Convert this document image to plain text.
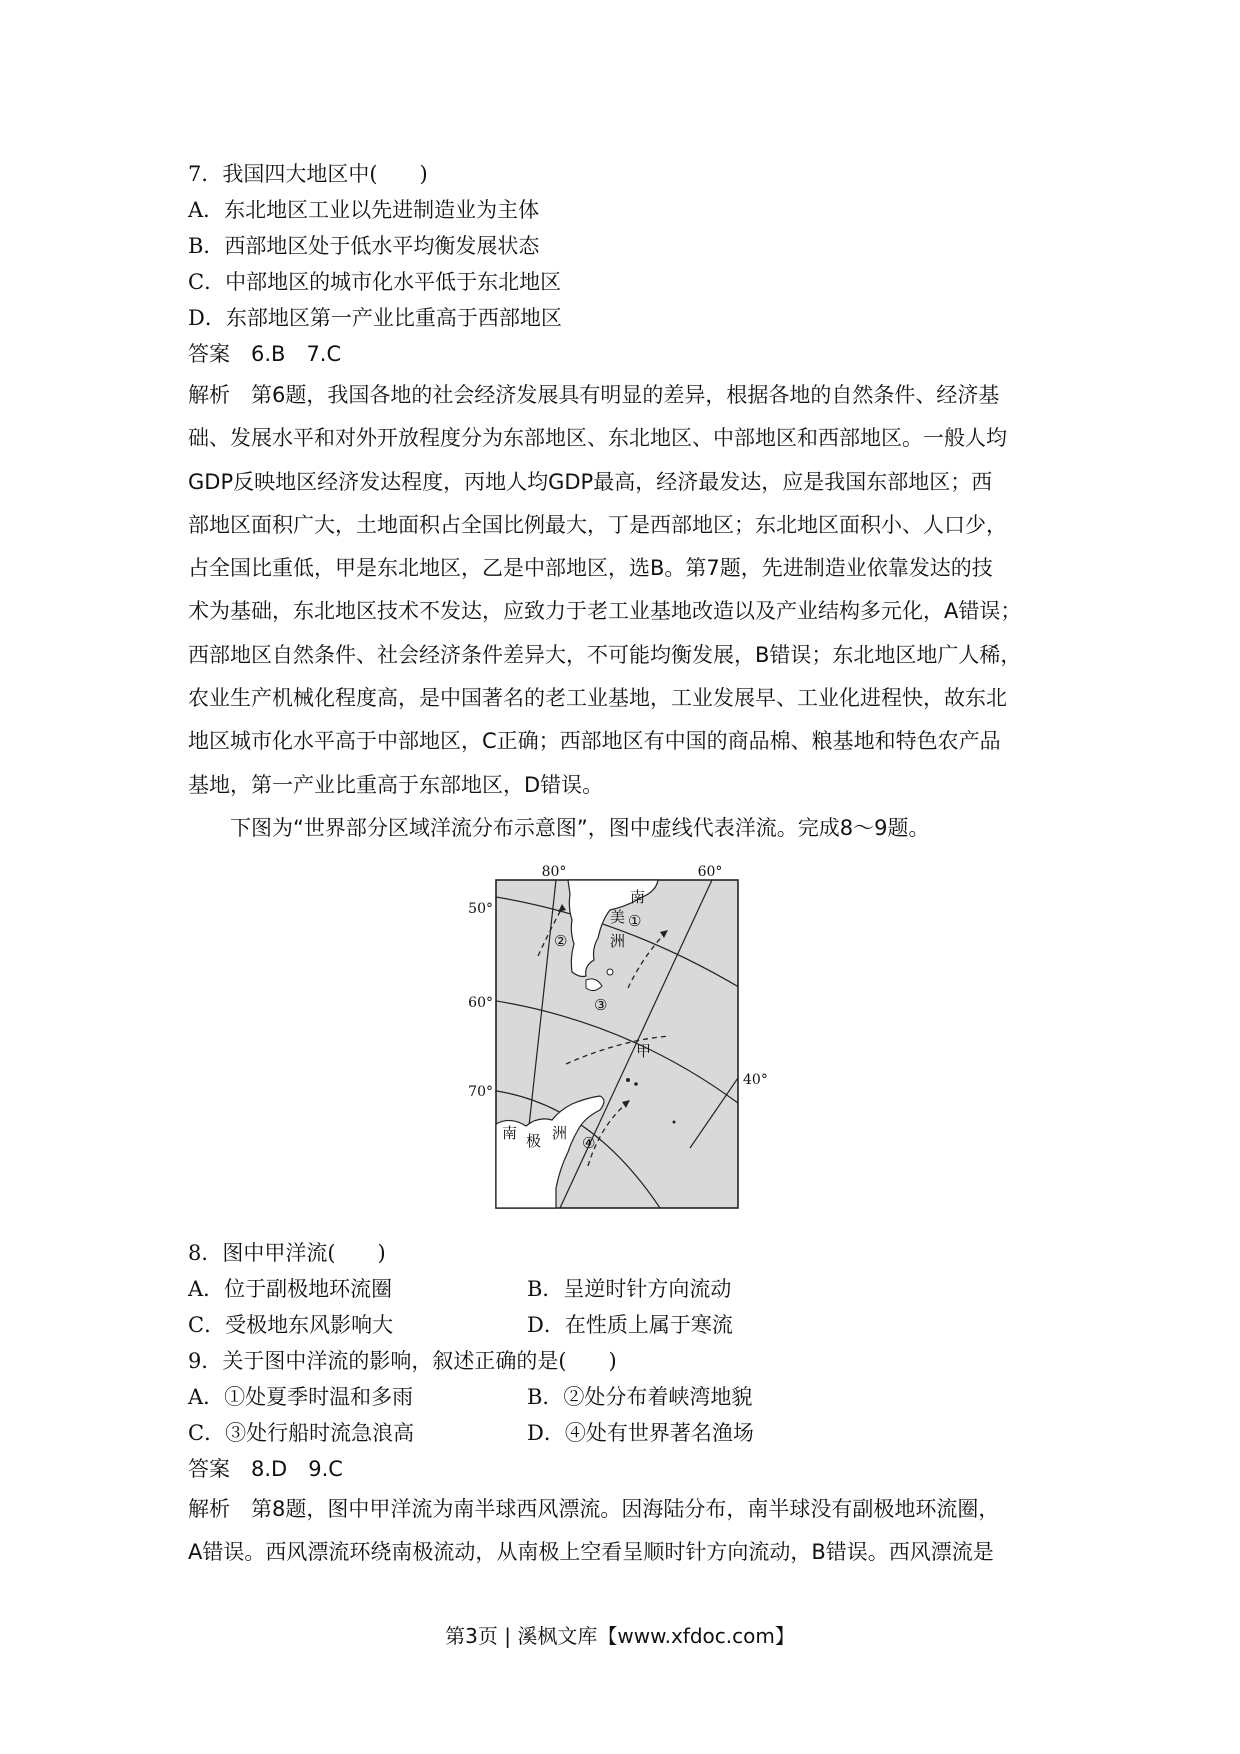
7．我国四大地区中(　　)
A．东北地区工业以先进制造业为主体
B．西部地区处于低水平均衡发展状态
C．中部地区的城市化水平低于东北地区
D．东部地区第一产业比重高于西部地区
答案　6.B　7.C
解析　第6题，我国各地的社会经济发展具有明显的差异，根据各地的自然条件、经济基
础、发展水平和对外开放程度分为东部地区、东北地区、中部地区和西部地区。一般人均
GDP反映地区经济发达程度，丙地人均GDP最高，经济最发达，应是我国东部地区；西
部地区面积广大，土地面积占全国比例最大，丁是西部地区；东北地区面积小、人口少，
占全国比重低，甲是东北地区，乙是中部地区，选B。第7题，先进制造业依靠发达的技
术为基础，东北地区技术不发达，应致力于老工业基地改造以及产业结构多元化，A错误；
西部地区自然条件、社会经济条件差异大，不可能均衡发展，B错误；东北地区地广人稀，
农业生产机械化程度高，是中国著名的老工业基地，工业发展早、工业化进程快，故东北
地区城市化水平高于中部地区，C正确；西部地区有中国的商品棉、粮基地和特色农产品
基地，第一产业比重高于东部地区，D错误。
下图为“世界部分区域洋流分布示意图”，图中虚线代表洋流。完成8～9题。
80°	60°
40°
50°
60°
70°
南
美
洲
南 极 洲
①
②
③
④
甲
8．图中甲洋流(　　)
A．位于副极地环流圈	B．呈逆时针方向流动
C．受极地东风影响大	D．在性质上属于寒流
9．关于图中洋流的影响，叙述正确的是(　　)
A．①处夏季时温和多雨	B．②处分布着峡湾地貌
C．③处行船时流急浪高	D．④处有世界著名渔场
答案　8.D　9.C
解析　第8题，图中甲洋流为南半球西风漂流。因海陆分布，南半球没有副极地环流圈，
A错误。西风漂流环绕南极流动，从南极上空看呈顺时针方向流动，B错误。西风漂流是
第3页 | 溪枫文库【www.xfdoc.com】
